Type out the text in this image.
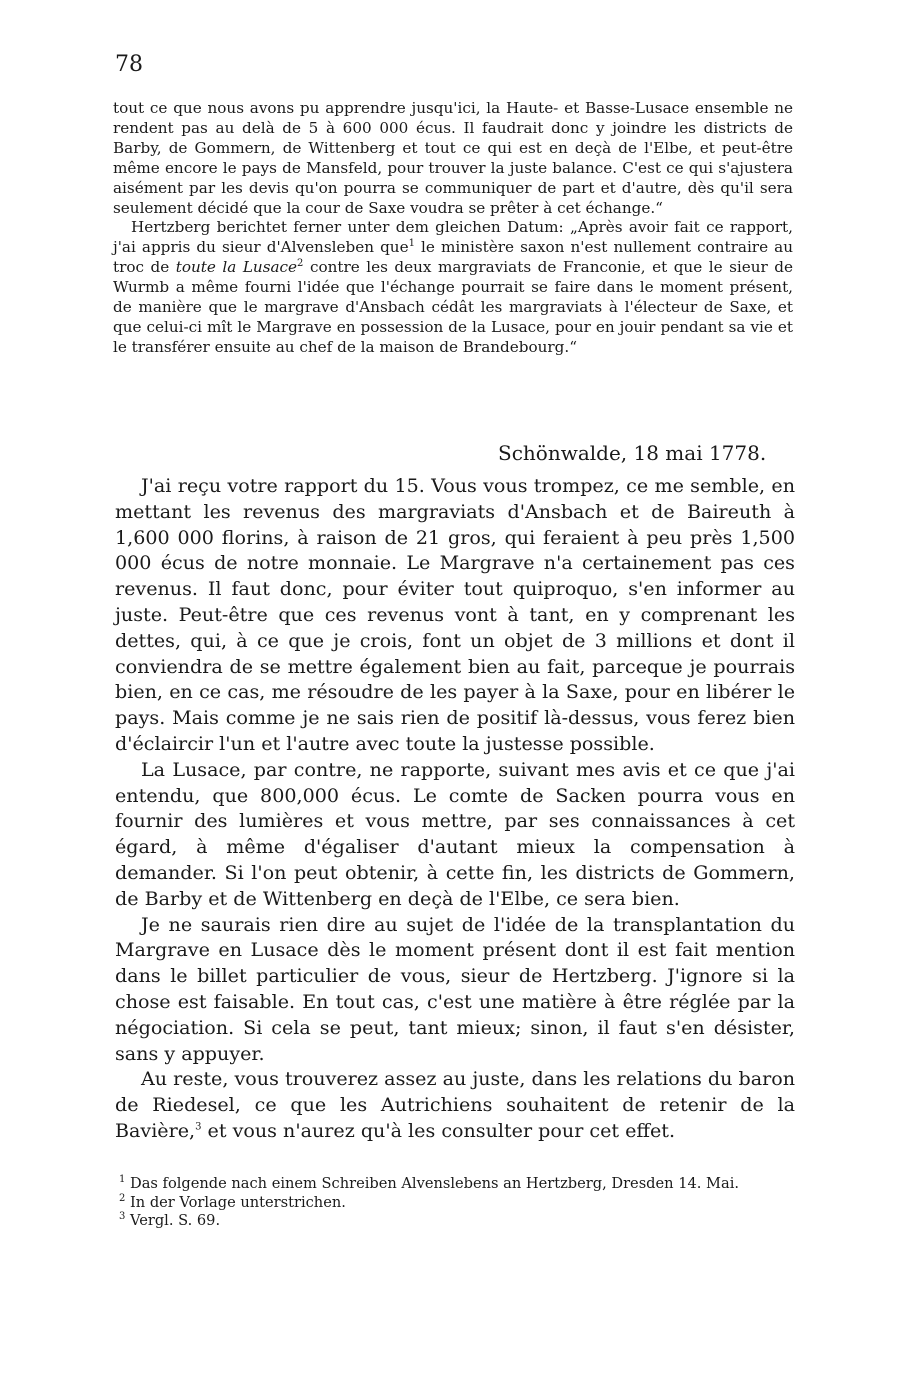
78

tout ce que nous avons pu apprendre jusqu'ici, la Haute- et Basse-Lusace ensemble ne rendent pas au delà de 5 à 600 000 écus. Il faudrait donc y joindre les districts de Barby, de Gommern, de Wittenberg et tout ce qui est en deçà de l'Elbe, et peut-être même encore le pays de Mansfeld, pour trouver la juste balance. C'est ce qui s'ajustera aisément par les devis qu'on pourra se communiquer de part et d'autre, dès qu'il sera seulement décidé que la cour de Saxe voudra se prêter à cet échange.“

Hertzberg berichtet ferner unter dem gleichen Datum: „Après avoir fait ce rapport, j'ai appris du sieur d'Alvensleben que$^1$ le ministère saxon n'est nullement contraire au troc de toute la Lusace$^2$ contre les deux margraviats de Franconie, et que le sieur de Wurmb a même fourni l'idée que l'échange pourrait se faire dans le moment présent, de manière que le margrave d'Ansbach cédât les margraviats à l'électeur de Saxe, et que celui-ci mît le Margrave en possession de la Lusace, pour en jouir pendant sa vie et le transférer ensuite au chef de la maison de Brandebourg.“

Schönwalde, 18 mai 1778.

J'ai reçu votre rapport du 15. Vous vous trompez, ce me semble, en mettant les revenus des margraviats d'Ansbach et de Baireuth à 1,600 000 florins, à raison de 21 gros, qui feraient à peu près 1,500 000 écus de notre monnaie. Le Margrave n'a certainement pas ces revenus. Il faut donc, pour éviter tout quiproquo, s'en informer au juste. Peut-être que ces revenus vont à tant, en y comprenant les dettes, qui, à ce que je crois, font un objet de 3 millions et dont il conviendra de se mettre également bien au fait, parceque je pourrais bien, en ce cas, me résoudre de les payer à la Saxe, pour en libérer le pays. Mais comme je ne sais rien de positif là-dessus, vous ferez bien d'éclaircir l'un et l'autre avec toute la justesse possible.

La Lusace, par contre, ne rapporte, suivant mes avis et ce que j'ai entendu, que 800,000 écus. Le comte de Sacken pourra vous en fournir des lumières et vous mettre, par ses connaissances à cet égard, à même d'égaliser d'autant mieux la compensation à demander. Si l'on peut obtenir, à cette fin, les districts de Gommern, de Barby et de Wittenberg en deçà de l'Elbe, ce sera bien.

Je ne saurais rien dire au sujet de l'idée de la transplantation du Margrave en Lusace dès le moment présent dont il est fait mention dans le billet particulier de vous, sieur de Hertzberg. J'ignore si la chose est faisable. En tout cas, c'est une matière à être réglée par la négociation. Si cela se peut, tant mieux; sinon, il faut s'en désister, sans y appuyer.

Au reste, vous trouverez assez au juste, dans les relations du baron de Riedesel, ce que les Autrichiens souhaitent de retenir de la Bavière,$^3$ et vous n'aurez qu'à les consulter pour cet effet.

$^1$ Das folgende nach einem Schreiben Alvenslebens an Hertzberg, Dresden 14. Mai.
$^2$ In der Vorlage unterstrichen.
$^3$ Vergl. S. 69.
